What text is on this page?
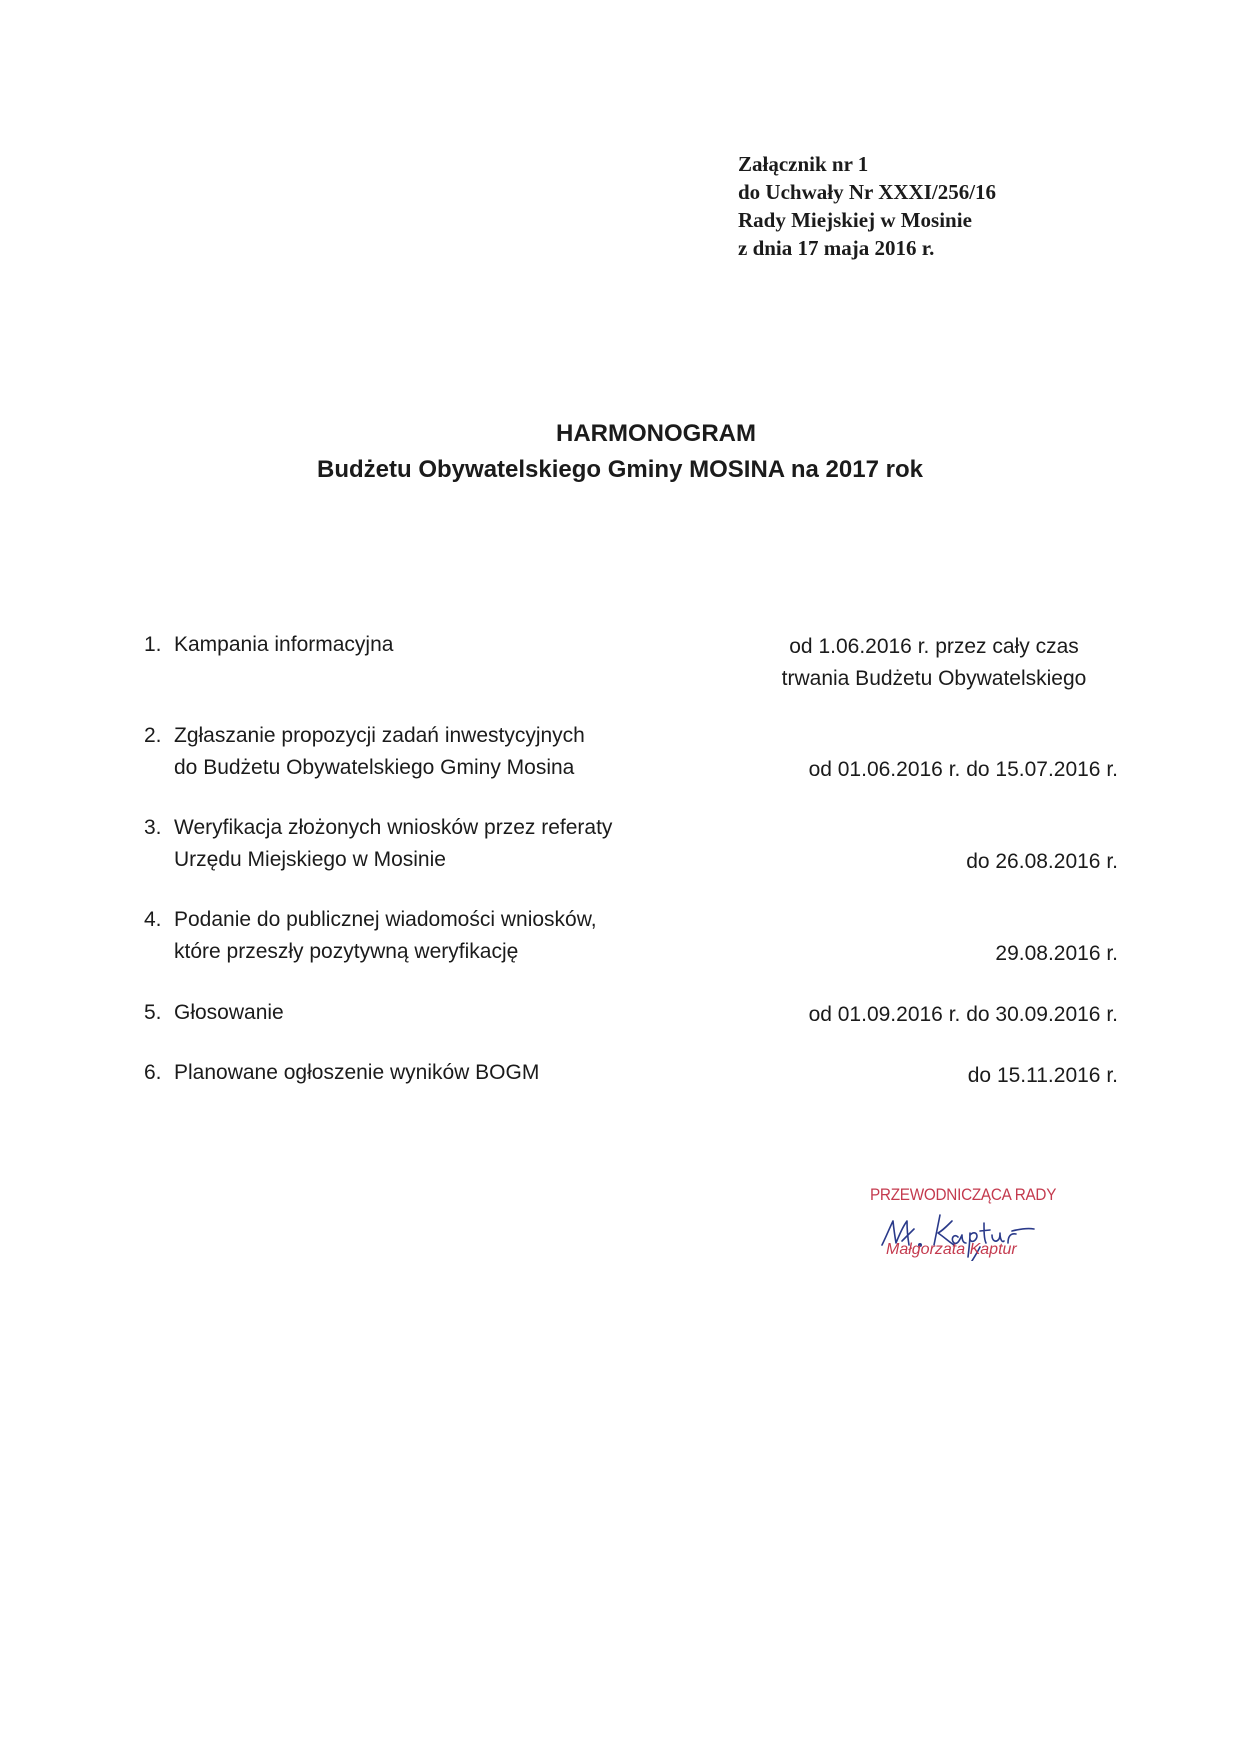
Załącznik nr 1
do Uchwały Nr XXXI/256/16
Rady Miejskiej w Mosinie
z dnia 17 maja 2016 r.
HARMONOGRAM
Budżetu Obywatelskiego Gminy MOSINA na 2017 rok
1. Kampania informacyjna	od 1.06.2016 r. przez cały czas
trwania Budżetu Obywatelskiego
2. Zgłaszanie propozycji zadań inwestycyjnych
do Budżetu Obywatelskiego Gminy Mosina	od 01.06.2016 r. do 15.07.2016 r.
3. Weryfikacja złożonych wniosków przez referaty
Urzędu Miejskiego w Mosinie	do 26.08.2016 r.
4. Podanie do publicznej wiadomości wniosków,
które przeszły pozytywną weryfikację	29.08.2016 r.
5. Głosowanie	od 01.09.2016 r. do 30.09.2016 r.
6. Planowane ogłoszenie wyników BOGM	do 15.11.2016 r.
PRZEWODNICZĄCA RADY
Małgorzata Kaptur
